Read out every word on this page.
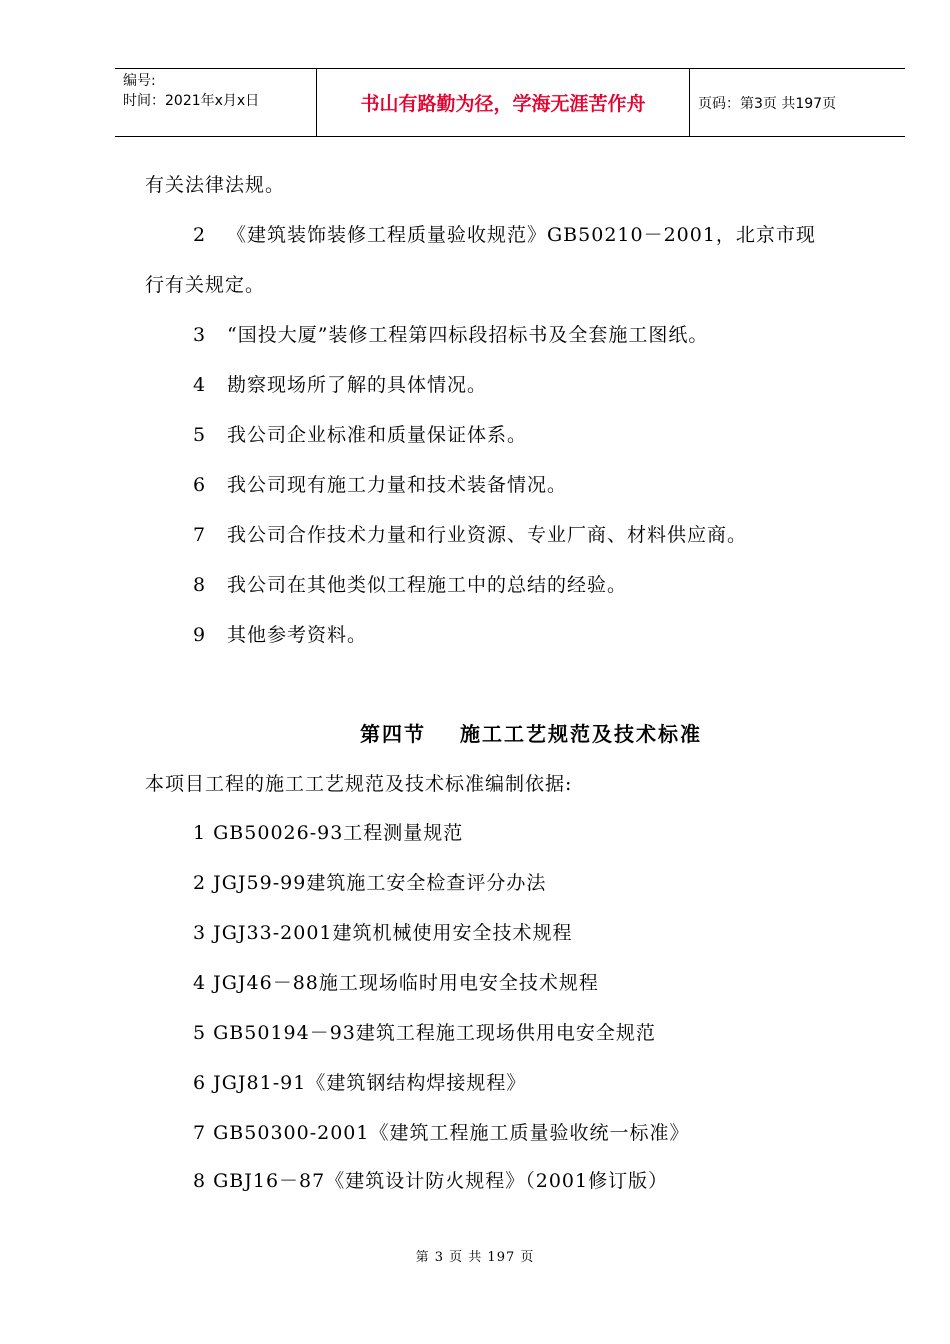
编号:
时间：2021年x月x日	书山有路勤为径，学海无涯苦作舟	页码：第3页 共197页
有关法律法规。
2 《建筑装饰装修工程质量验收规范》GB50210－2001，北京市现
行有关规定。
3 “国投大厦”装修工程第四标段招标书及全套施工图纸。
4 勘察现场所了解的具体情况。
5 我公司企业标准和质量保证体系。
6 我公司现有施工力量和技术装备情况。
7 我公司合作技术力量和行业资源、专业厂商、材料供应商。
8 我公司在其他类似工程施工中的总结的经验。
9 其他参考资料。
第四节 施工工艺规范及技术标准
本项目工程的施工工艺规范及技术标准编制依据:
1 GB50026-93工程测量规范
2 JGJ59-99建筑施工安全检查评分办法
3 JGJ33-2001建筑机械使用安全技术规程
4 JGJ46－88施工现场临时用电安全技术规程
5 GB50194－93建筑工程施工现场供用电安全规范
6 JGJ81-91《建筑钢结构焊接规程》
7 GB50300-2001《建筑工程施工质量验收统一标准》
8 GBJ16－87《建筑设计防火规程》（2001修订版）
第 3 页 共 197 页
